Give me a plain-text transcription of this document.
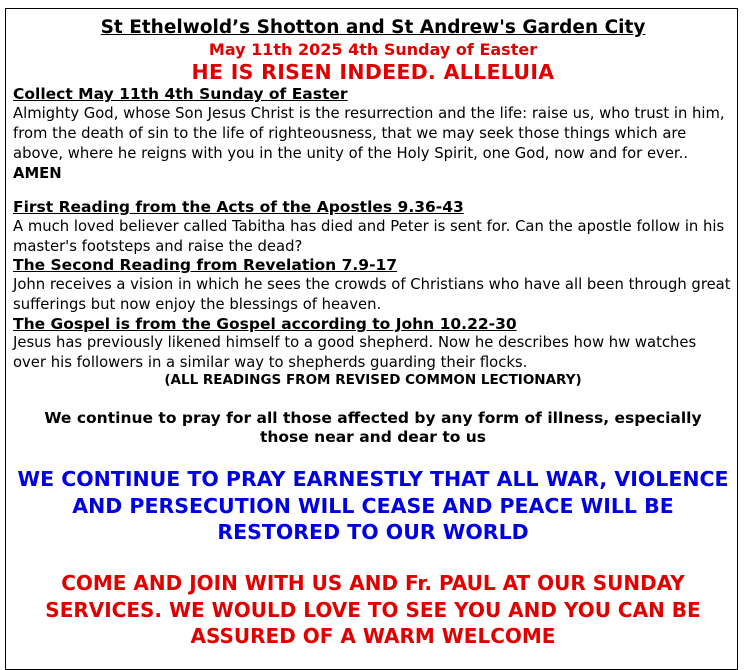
St Ethelwold’s Shotton and St Andrew's Garden City
May 11th 2025 4th Sunday of Easter
HE IS RISEN INDEED. ALLELUIA
Collect May 11th 4th Sunday of Easter
Almighty God, whose Son Jesus Christ is the resurrection and the life: raise us, who trust in him, from the death of sin to the life of righteousness, that we may seek those things which are above, where he reigns with you in the unity of the Holy Spirit, one God, now and for ever.. AMEN
First Reading from the Acts of the Apostles 9.36-43
A much loved believer called Tabitha has died and Peter is sent for. Can the apostle follow in his master's footsteps and raise the dead?
The Second Reading from Revelation 7.9-17
John receives a vision in which he sees the crowds of Christians who have all been through great sufferings but now enjoy the blessings of heaven.
The Gospel is from the Gospel according to John 10.22-30
Jesus has previously likened himself to a good shepherd. Now he describes how hw watches over his followers in a similar way to shepherds guarding their flocks.
(ALL READINGS FROM REVISED COMMON LECTIONARY)
We continue to pray for all those affected by any form of illness, especially those near and dear to us
WE CONTINUE TO PRAY EARNESTLY THAT ALL WAR, VIOLENCE AND PERSECUTION WILL CEASE AND PEACE WILL BE RESTORED TO OUR WORLD
COME AND JOIN WITH US AND Fr. PAUL AT OUR SUNDAY SERVICES. WE WOULD LOVE TO SEE YOU AND YOU CAN BE ASSURED OF A WARM WELCOME
